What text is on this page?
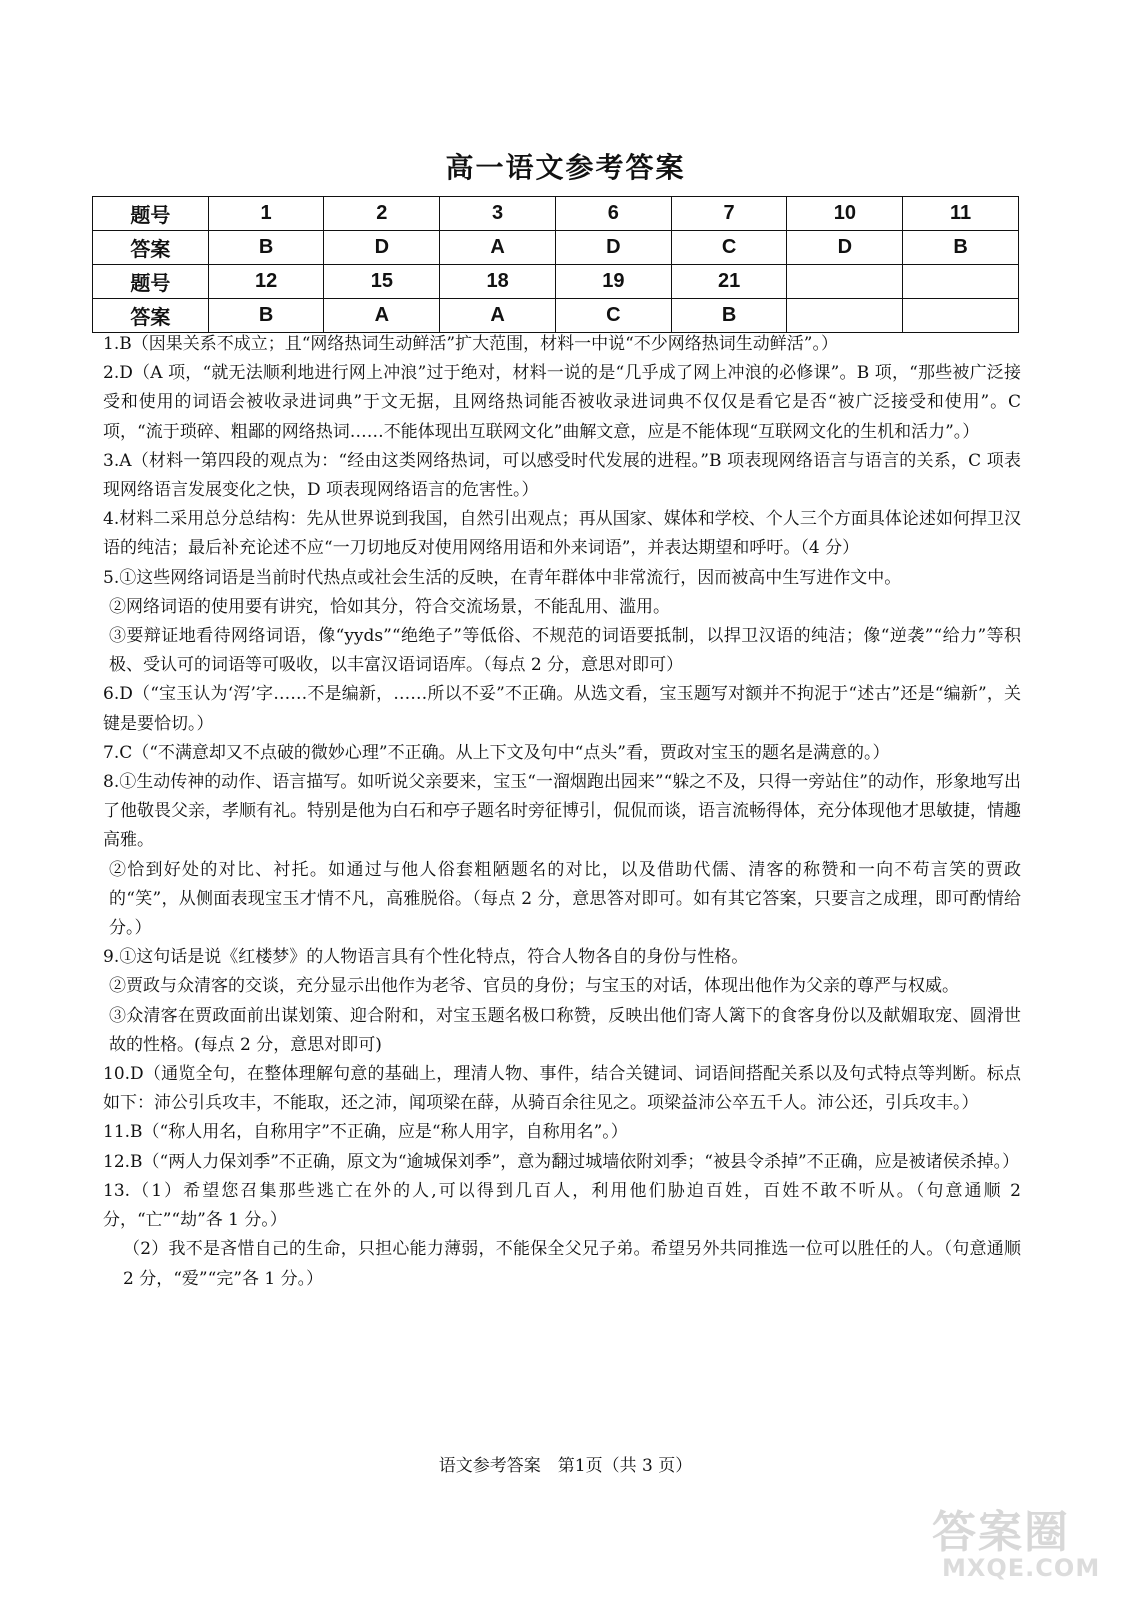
高一语文参考答案
题号	1	2	3	6	7	10	11
答案	B	D	A	D	C	D	B
题号	12	15	18	19	21		
答案	B	A	A	C	B		

1.B（因果关系不成立；且“网络热词生动鲜活”扩大范围，材料一中说“不少网络热词生动鲜活”。）

2.D（A 项，“就无法顺利地进行网上冲浪”过于绝对，材料一说的是“几乎成了网上冲浪的必修课”。B 项，“那些被广泛接受和使用的词语会被收录进词典”于文无据，且网络热词能否被收录进词典不仅仅是看它是否“被广泛接受和使用”。C 项，“流于琐碎、粗鄙的网络热词……不能体现出互联网文化”曲解文意，应是不能体现“互联网文化的生机和活力”。）

3.A（材料一第四段的观点为：“经由这类网络热词，可以感受时代发展的进程。”B 项表现网络语言与语言的关系，C 项表现网络语言发展变化之快，D 项表现网络语言的危害性。）

4.材料二采用总分总结构：先从世界说到我国，自然引出观点；再从国家、媒体和学校、个人三个方面具体论述如何捍卫汉语的纯洁；最后补充论述不应“一刀切地反对使用网络用语和外来词语”，并表达期望和呼吁。（4 分）

5.①这些网络词语是当前时代热点或社会生活的反映，在青年群体中非常流行，因而被高中生写进作文中。

②网络词语的使用要有讲究，恰如其分，符合交流场景，不能乱用、滥用。

③要辩证地看待网络词语，像“yyds”“绝绝子”等低俗、不规范的词语要抵制，以捍卫汉语的纯洁；像“逆袭”“给力”等积极、受认可的词语等可吸收，以丰富汉语词语库。（每点 2 分，意思对即可）

6.D（“宝玉认为‘泻’字……不是编新，……所以不妥”不正确。从选文看，宝玉题写对额并不拘泥于“述古”还是“编新”，关键是要恰切。）

7.C（“不满意却又不点破的微妙心理”不正确。从上下文及句中“点头”看，贾政对宝玉的题名是满意的。）

8.①生动传神的动作、语言描写。如听说父亲要来，宝玉“一溜烟跑出园来”“躲之不及，只得一旁站住”的动作，形象地写出了他敬畏父亲，孝顺有礼。特别是他为白石和亭子题名时旁征博引，侃侃而谈，语言流畅得体，充分体现他才思敏捷，情趣高雅。

②恰到好处的对比、衬托。如通过与他人俗套粗陋题名的对比，以及借助代儒、清客的称赞和一向不苟言笑的贾政的“笑”，从侧面表现宝玉才情不凡，高雅脱俗。（每点 2 分，意思答对即可。如有其它答案，只要言之成理，即可酌情给分。）

9.①这句话是说《红楼梦》的人物语言具有个性化特点，符合人物各自的身份与性格。

②贾政与众清客的交谈，充分显示出他作为老爷、官员的身份；与宝玉的对话，体现出他作为父亲的尊严与权威。

③众清客在贾政面前出谋划策、迎合附和，对宝玉题名极口称赞，反映出他们寄人篱下的食客身份以及献媚取宠、圆滑世故的性格。(每点 2 分，意思对即可)

10.D（通览全句，在整体理解句意的基础上，理清人物、事件，结合关键词、词语间搭配关系以及句式特点等判断。标点如下：沛公引兵攻丰，不能取，还之沛，闻项梁在薛，从骑百余往见之。项梁益沛公卒五千人。沛公还，引兵攻丰。）

11.B（“称人用名，自称用字”不正确，应是“称人用字，自称用名”。）

12.B（“两人力保刘季”不正确，原文为“逾城保刘季”，意为翻过城墙依附刘季；“被县令杀掉”不正确，应是被诸侯杀掉。）

13.（1）希望您召集那些逃亡在外的人,可以得到几百人，利用他们胁迫百姓，百姓不敢不听从。（句意通顺 2 分，“亡”“劫”各 1 分。）

（2）我不是吝惜自己的生命，只担心能力薄弱，不能保全父兄子弟。希望另外共同推选一位可以胜任的人。（句意通顺 2 分，“爱”“完”各 1 分。）

语文参考答案　第1页（共 3 页）
答案圈
MXQE.COM
